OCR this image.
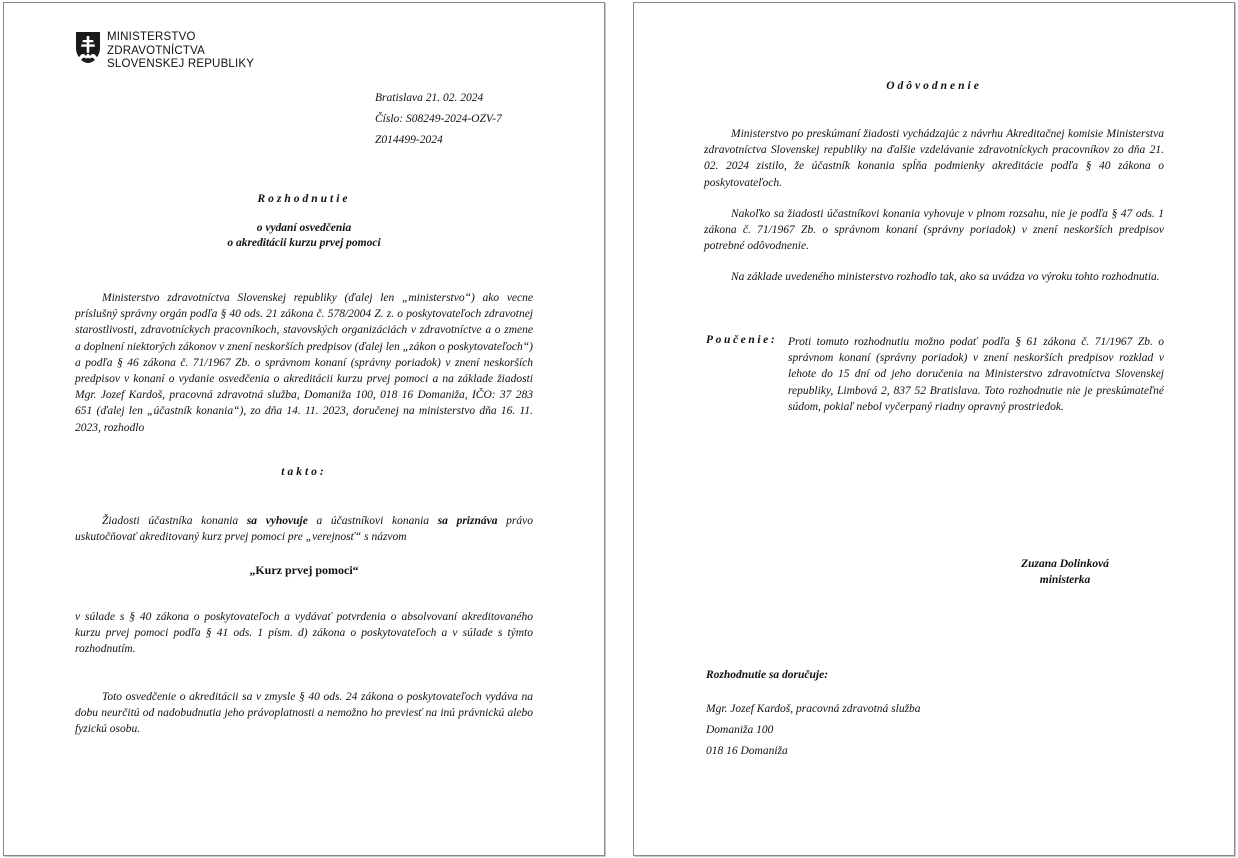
MINISTERSTVO
ZDRAVOTNÍCTVA
SLOVENSKEJ REPUBLIKY
Bratislava 21. 02. 2024
Číslo: S08249-2024-OZV-7
Z014499-2024
Rozhodnutie
o vydaní osvedčenia
o akreditácii kurzu prvej pomoci

Ministerstvo zdravotníctva Slovenskej republiky (ďalej len „ministerstvo“) ako vecne príslušný správny orgán podľa § 40 ods. 21 zákona č. 578/2004 Z. z. o poskytovateľoch zdravotnej starostlivosti, zdravotníckych pracovníkoch, stavovských organizáciách v zdravotníctve a o zmene a doplnení niektorých zákonov v znení neskorších predpisov (ďalej len „zákon o poskytovateľoch“) a podľa § 46 zákona č. 71/1967 Zb. o správnom konaní (správny poriadok) v znení neskorších predpisov v konaní o vydanie osvedčenia o akreditácii kurzu prvej pomoci a na základe žiadosti Mgr. Jozef Kardoš, pracovná zdravotná služba, Domaniža 100, 018 16 Domaniža, IČO: 37 283 651 (ďalej len „účastník konania“), zo dňa 14. 11. 2023, doručenej na ministerstvo dňa 16. 11. 2023, rozhodlo

takto:

Žiadosti účastníka konania sa vyhovuje a účastníkovi konania sa priznáva právo uskutočňovať akreditovaný kurz prvej pomoci pre „verejnosť“ s názvom

„Kurz prvej pomoci“

v súlade s § 40 zákona o poskytovateľoch a vydávať potvrdenia o absolvovaní akreditovaného kurzu prvej pomoci podľa § 41 ods. 1 písm. d) zákona o poskytovateľoch a v súlade s týmto rozhodnutím.

Toto osvedčenie o akreditácii sa v zmysle § 40 ods. 24 zákona o poskytovateľoch vydáva na dobu neurčitú od nadobudnutia jeho právoplatnosti a nemožno ho previesť na inú právnickú alebo fyzickú osobu.

Odôvodnenie

Ministerstvo po preskúmaní žiadosti vychádzajúc z návrhu Akreditačnej komisie Ministerstva zdravotníctva Slovenskej republiky na ďalšie vzdelávanie zdravotníckych pracovníkov zo dňa 21. 02. 2024 zistilo, že účastník konania spĺňa podmienky akreditácie podľa § 40 zákona o poskytovateľoch.

Nakoľko sa žiadosti účastníkovi konania vyhovuje v plnom rozsahu, nie je podľa § 47 ods. 1 zákona č. 71/1967 Zb. o správnom konaní (správny poriadok) v znení neskorších predpisov potrebné odôvodnenie.

Na základe uvedeného ministerstvo rozhodlo tak, ako sa uvádza vo výroku tohto rozhodnutia.

Poučenie: Proti tomuto rozhodnutiu možno podať podľa § 61 zákona č. 71/1967 Zb. o správnom konaní (správny poriadok) v znení neskorších predpisov rozklad v lehote do 15 dní od jeho doručenia na Ministerstvo zdravotníctva Slovenskej republiky, Limbová 2, 837 52 Bratislava. Toto rozhodnutie nie je preskúmateľné súdom, pokiaľ nebol vyčerpaný riadny opravný prostriedok.

Zuzana Dolinková
ministerka
Rozhodnutie sa doručuje:
Mgr. Jozef Kardoš, pracovná zdravotná služba
Domaniža 100
018 16 Domaniža
